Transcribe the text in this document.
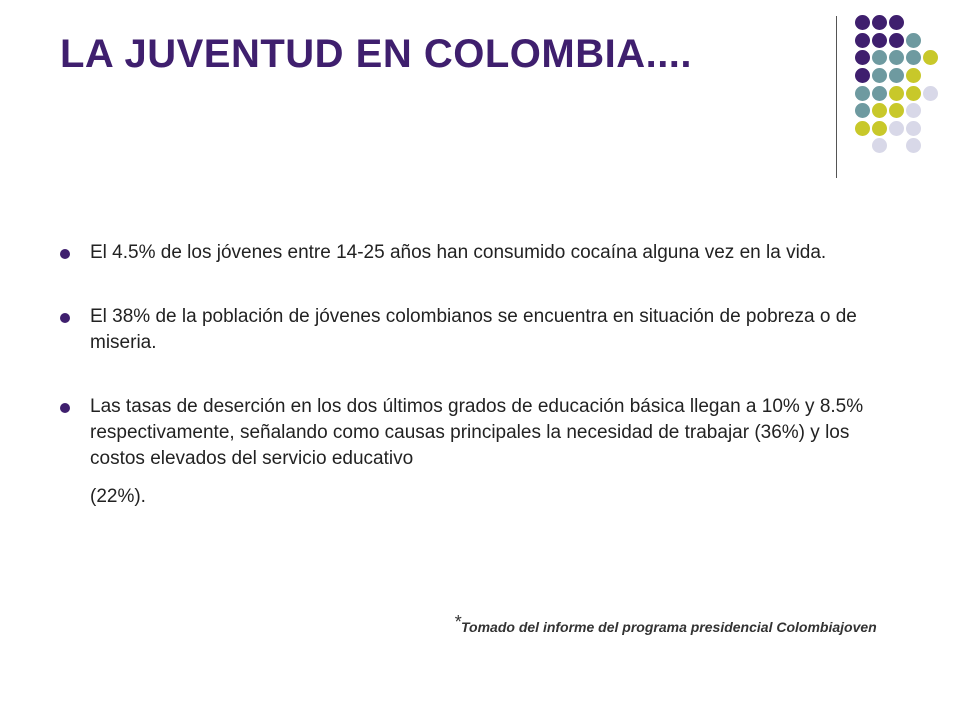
LA JUVENTUD EN COLOMBIA....
El 4.5% de los jóvenes entre 14-25 años han consumido cocaína alguna vez en la vida.
El 38% de la población de jóvenes colombianos se encuentra en situación de pobreza o de miseria.
Las tasas de deserción en los dos últimos grados de educación básica llegan a 10% y 8.5% respectivamente, señalando como causas principales la necesidad de trabajar (36%) y los costos elevados del servicio educativo
(22%).
*Tomado del informe del programa presidencial Colombiajoven
